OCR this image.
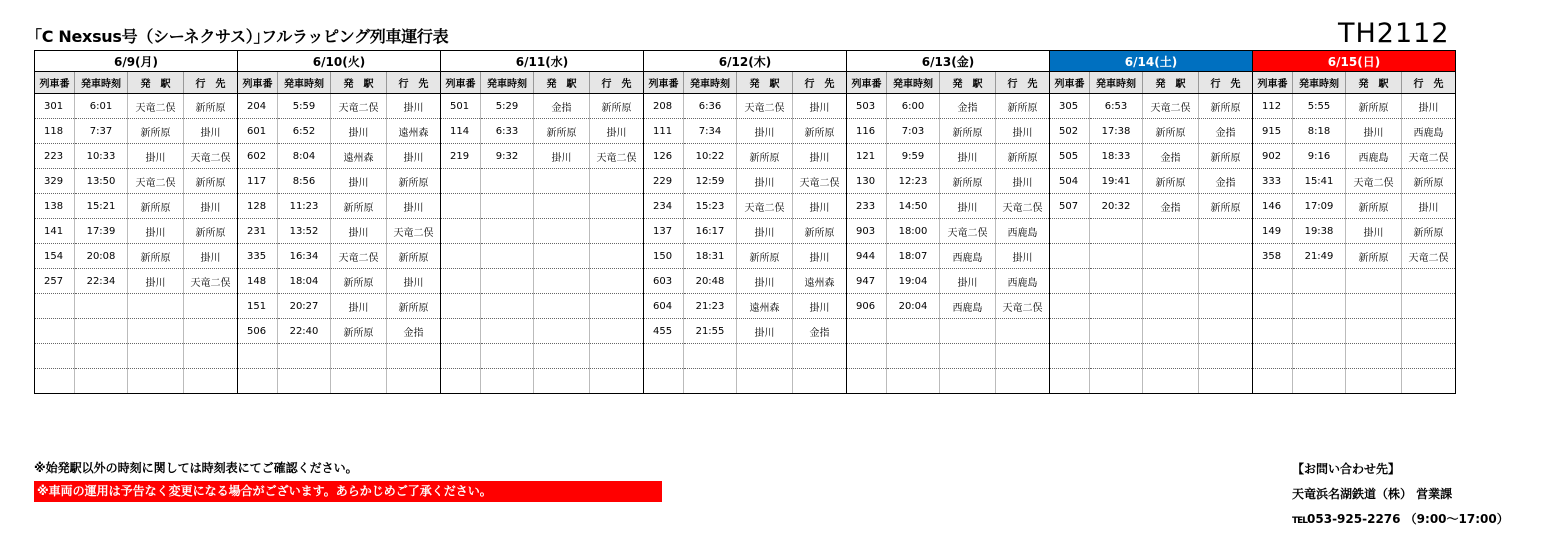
｢C Nexsus号（シーネクサス）｣フルラッピング列車運行表	TH2112
6/9(月)				6/10(火)				6/11(水)				6/12(木)				6/13(金)				6/14(土)				6/15(日)			
列車番	発車時刻	発　駅	行　先	列車番	発車時刻	発　駅	行　先	列車番	発車時刻	発　駅	行　先	列車番	発車時刻	発　駅	行　先	列車番	発車時刻	発　駅	行　先	列車番	発車時刻	発　駅	行　先	列車番	発車時刻	発　駅	行　先
301	6:01	天竜二俣	新所原	204	5:59	天竜二俣	掛川	501	5:29	金指	新所原	208	6:36	天竜二俣	掛川	503	6:00	金指	新所原	305	6:53	天竜二俣	新所原	112	5:55	新所原	掛川
118	7:37	新所原	掛川	601	6:52	掛川	遠州森	114	6:33	新所原	掛川	111	7:34	掛川	新所原	116	7:03	新所原	掛川	502	17:38	新所原	金指	915	8:18	掛川	西鹿島
223	10:33	掛川	天竜二俣	602	8:04	遠州森	掛川	219	9:32	掛川	天竜二俣	126	10:22	新所原	掛川	121	9:59	掛川	新所原	505	18:33	金指	新所原	902	9:16	西鹿島	天竜二俣
329	13:50	天竜二俣	新所原	117	8:56	掛川	新所原					229	12:59	掛川	天竜二俣	130	12:23	新所原	掛川	504	19:41	新所原	金指	333	15:41	天竜二俣	新所原
138	15:21	新所原	掛川	128	11:23	新所原	掛川					234	15:23	天竜二俣	掛川	233	14:50	掛川	天竜二俣	507	20:32	金指	新所原	146	17:09	新所原	掛川
141	17:39	掛川	新所原	231	13:52	掛川	天竜二俣					137	16:17	掛川	新所原	903	18:00	天竜二俣	西鹿島					149	19:38	掛川	新所原
154	20:08	新所原	掛川	335	16:34	天竜二俣	新所原					150	18:31	新所原	掛川	944	18:07	西鹿島	掛川					358	21:49	新所原	天竜二俣
257	22:34	掛川	天竜二俣	148	18:04	新所原	掛川					603	20:48	掛川	遠州森	947	19:04	掛川	西鹿島								
				151	20:27	掛川	新所原					604	21:23	遠州森	掛川	906	20:04	西鹿島	天竜二俣								
				506	22:40	新所原	金指					455	21:55	掛川	金指												

※始発駅以外の時刻に関しては時刻表にてご確認ください。
※車両の運用は予告なく変更になる場合がございます。あらかじめご了承ください。
【お問い合わせ先】
天竜浜名湖鉄道（株） 営業課
TEL053-925-2276 （9:00～17:00）
